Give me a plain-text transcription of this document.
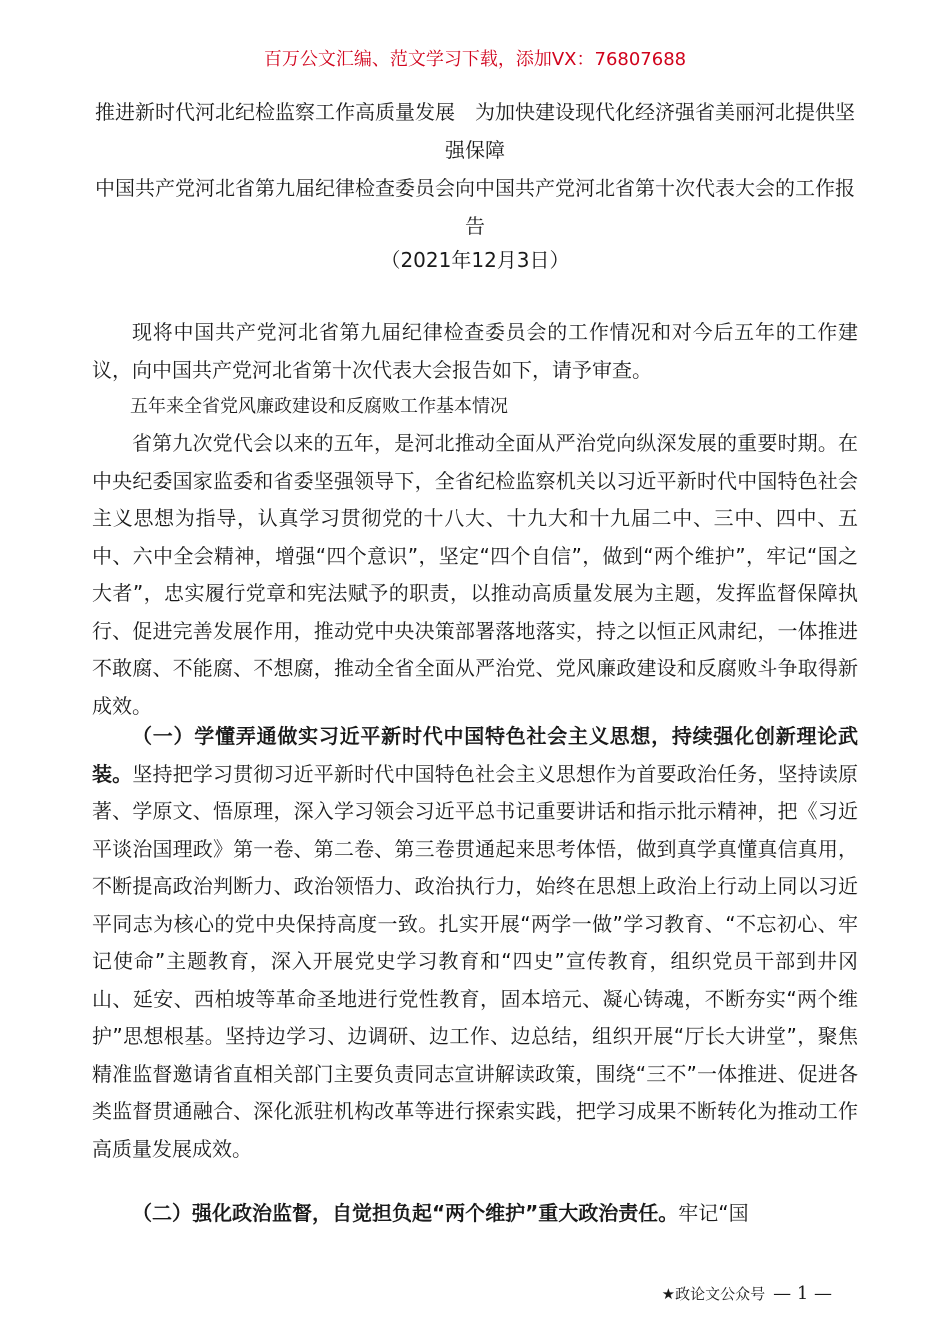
百万公文汇编、范文学习下载，添加VX：76807688
推进新时代河北纪检监察工作高质量发展　为加快建设现代化经济强省美丽河北提供坚强保障
中国共产党河北省第九届纪律检查委员会向中国共产党河北省第十次代表大会的工作报告
（2021年12月3日）
现将中国共产党河北省第九届纪律检查委员会的工作情况和对今后五年的工作建议，向中国共产党河北省第十次代表大会报告如下，请予审查。
五年来全省党风廉政建设和反腐败工作基本情况
省第九次党代会以来的五年，是河北推动全面从严治党向纵深发展的重要时期。在中央纪委国家监委和省委坚强领导下，全省纪检监察机关以习近平新时代中国特色社会主义思想为指导，认真学习贯彻党的十八大、十九大和十九届二中、三中、四中、五中、六中全会精神，增强“四个意识”，坚定“四个自信”，做到“两个维护”，牢记“国之大者”，忠实履行党章和宪法赋予的职责，以推动高质量发展为主题，发挥监督保障执行、促进完善发展作用，推动党中央决策部署落地落实，持之以恒正风肃纪，一体推进不敢腐、不能腐、不想腐，推动全省全面从严治党、党风廉政建设和反腐败斗争取得新成效。
（一）学懂弄通做实习近平新时代中国特色社会主义思想，持续强化创新理论武装。坚持把学习贯彻习近平新时代中国特色社会主义思想作为首要政治任务，坚持读原著、学原文、悟原理，深入学习领会习近平总书记重要讲话和指示批示精神，把《习近平谈治国理政》第一卷、第二卷、第三卷贯通起来思考体悟，做到真学真懂真信真用，不断提高政治判断力、政治领悟力、政治执行力，始终在思想上政治上行动上同以习近平同志为核心的党中央保持高度一致。扎实开展“两学一做”学习教育、“不忘初心、牢记使命”主题教育，深入开展党史学习教育和“四史”宣传教育，组织党员干部到井冈山、延安、西柏坡等革命圣地进行党性教育，固本培元、凝心铸魂，不断夯实“两个维护”思想根基。坚持边学习、边调研、边工作、边总结，组织开展“厅长大讲堂”，聚焦精准监督邀请省直相关部门主要负责同志宣讲解读政策，围绕“三不”一体推进、促进各类监督贯通融合、深化派驻机构改革等进行探索实践，把学习成果不断转化为推动工作高质量发展成效。
（二）强化政治监督，自觉担负起“两个维护”重大政治责任。牢记“国
★政论文公众号 — 1 —
